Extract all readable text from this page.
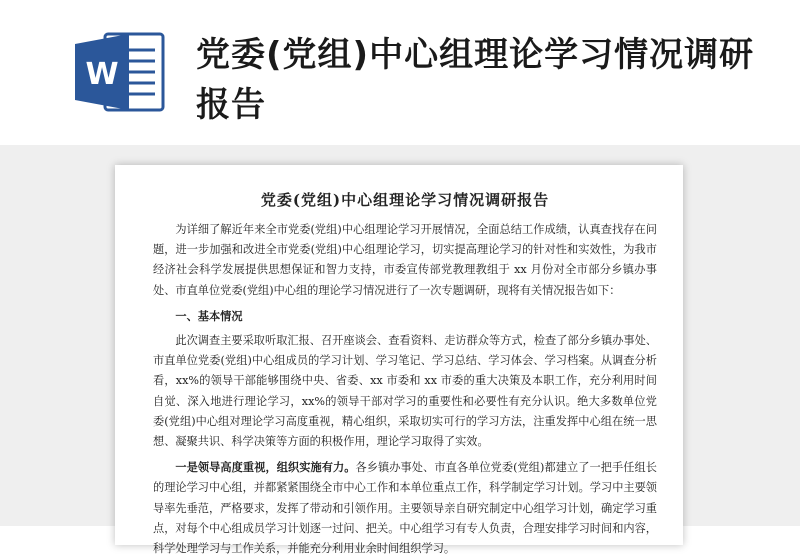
W 党委(党组)中心组理论学习情况调研报告
党委(党组)中心组理论学习情况调研报告

为详细了解近年来全市党委(党组)中心组理论学习开展情况，全面总结工作成绩，认真查找存在问题，进一步加强和改进全市党委(党组)中心组理论学习，切实提高理论学习的针对性和实效性，为我市经济社会科学发展提供思想保证和智力支持，市委宣传部党教理教组于 xx 月份对全市部分乡镇办事处、市直单位党委(党组)中心组的理论学习情况进行了一次专题调研，现将有关情况报告如下：

一、基本情况

此次调查主要采取听取汇报、召开座谈会、查看资料、走访群众等方式，检查了部分乡镇办事处、市直单位党委(党组)中心组成员的学习计划、学习笔记、学习总结、学习体会、学习档案。从调查分析看，xx%的领导干部能够围绕中央、省委、xx 市委和 xx 市委的重大决策及本职工作，充分利用时间自觉、深入地进行理论学习，xx%的领导干部对学习的重要性和必要性有充分认识。绝大多数单位党委(党组)中心组对理论学习高度重视，精心组织，采取切实可行的学习方法，注重发挥中心组在统一思想、凝聚共识、科学决策等方面的积极作用，理论学习取得了实效。

一是领导高度重视，组织实施有力。各乡镇办事处、市直各单位党委(党组)都建立了一把手任组长的理论学习中心组，并都紧紧围绕全市中心工作和本单位重点工作，科学制定学习计划。学习中主要领导率先垂范，严格要求，发挥了带动和引领作用。主要领导亲自研究制定中心组学习计划，确定学习重点，对每个中心组成员学习计划逐一过问、把关。中心组学习有专人负责，合理安排学习时间和内容，科学处理学习与工作关系，并能充分利用业余时间组织学习。
